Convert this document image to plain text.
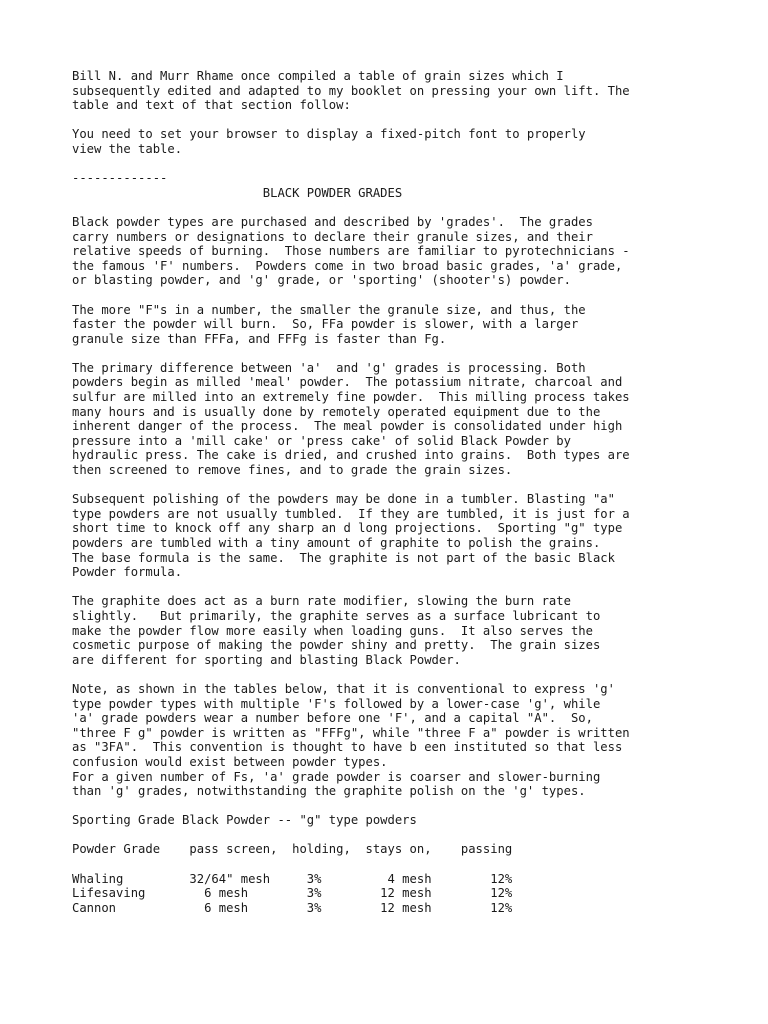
Bill N. and Murr Rhame once compiled a table of grain sizes which I
subsequently edited and adapted to my booklet on pressing your own lift. The
table and text of that section follow:
You need to set your browser to display a fixed-pitch font to properly
view the table.
-------------
BLACK POWDER GRADES
Black powder types are purchased and described by 'grades'.  The grades
carry numbers or designations to declare their granule sizes, and their
relative speeds of burning.  Those numbers are familiar to pyrotechnicians -
the famous 'F' numbers.  Powders come in two broad basic grades, 'a' grade,
or blasting powder, and 'g' grade, or 'sporting' (shooter's) powder.
The more "F"s in a number, the smaller the granule size, and thus, the
faster the powder will burn.  So, FFa powder is slower, with a larger
granule size than FFFa, and FFFg is faster than Fg.
The primary difference between 'a'  and 'g' grades is processing. Both
powders begin as milled 'meal' powder.  The potassium nitrate, charcoal and
sulfur are milled into an extremely fine powder.  This milling process takes
many hours and is usually done by remotely operated equipment due to the
inherent danger of the process.  The meal powder is consolidated under high
pressure into a 'mill cake' or 'press cake' of solid Black Powder by
hydraulic press. The cake is dried, and crushed into grains.  Both types are
then screened to remove fines, and to grade the grain sizes.
Subsequent polishing of the powders may be done in a tumbler. Blasting "a"
type powders are not usually tumbled.  If they are tumbled, it is just for a
short time to knock off any sharp an d long projections.  Sporting "g" type
powders are tumbled with a tiny amount of graphite to polish the grains.
The base formula is the same.  The graphite is not part of the basic Black
Powder formula.
The graphite does act as a burn rate modifier, slowing the burn rate
slightly.   But primarily, the graphite serves as a surface lubricant to
make the powder flow more easily when loading guns.  It also serves the
cosmetic purpose of making the powder shiny and pretty.  The grain sizes
are different for sporting and blasting Black Powder.
Note, as shown in the tables below, that it is conventional to express 'g'
type powder types with multiple 'F's followed by a lower-case 'g', while
'a' grade powders wear a number before one 'F', and a capital "A".  So,
"three F g" powder is written as "FFFg", while "three F a" powder is written
as "3FA".  This convention is thought to have b een instituted so that less
confusion would exist between powder types.
For a given number of Fs, 'a' grade powder is coarser and slower-burning
than 'g' grades, notwithstanding the graphite polish on the 'g' types.
Sporting Grade Black Powder -- "g" type powders
Powder Grade    pass screen,  holding,  stays on,    passing
Whaling         32/64" mesh     3%         4 mesh        12%
Lifesaving        6 mesh        3%        12 mesh        12%
Cannon            6 mesh        3%        12 mesh        12%
